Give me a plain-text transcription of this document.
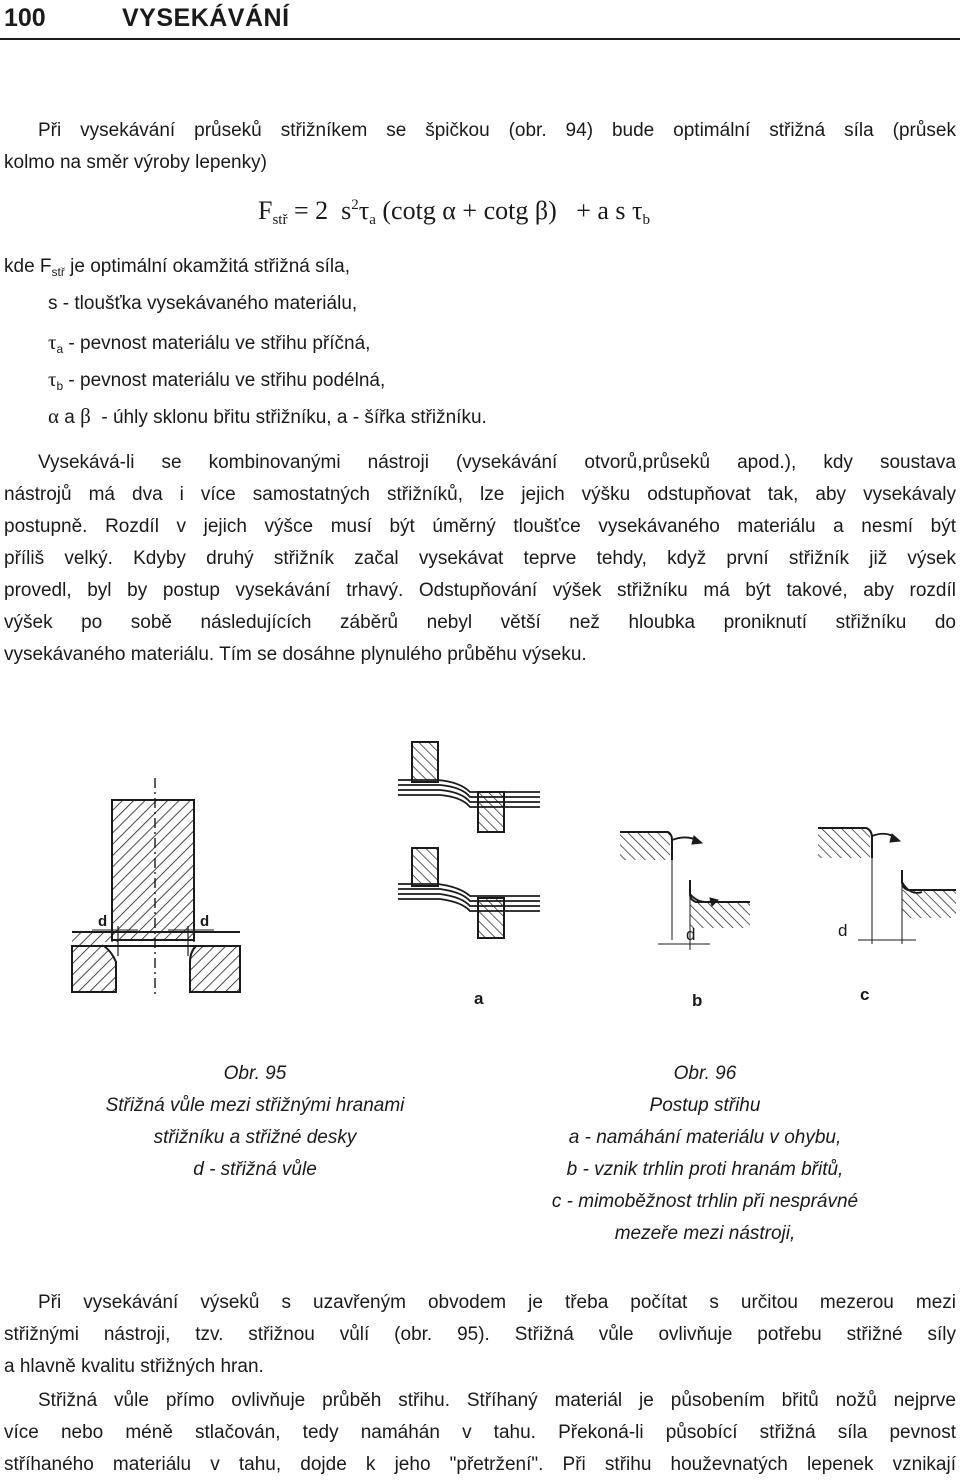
100	VYSEKÁVÁNÍ
Při vysekávání průseků střižníkem se špičkou (obr. 94) bude optimální střižná síla (průsek
kolmo na směr výroby lepenky)
$F_{stř} = 2$  $s^2\tau_a$ (cotg α + cotg β)   + a s $\tau_b$
kde $F_{stř}$ je optimální okamžitá střižná síla,
s - tloušťka vysekávaného materiálu,
$\tau_a$ - pevnost materiálu ve střihu příčná,
$\tau_b$ - pevnost materiálu ve střihu podélná,
α a β  - úhly sklonu břitu střižníku, a - šířka střižníku.
Vysekává-li se kombinovanými nástroji (vysekávání otvorů,průseků apod.), kdy soustava
nástrojů má dva i více samostatných střižníků, lze jejich výšku odstupňovat tak, aby vysekávaly
postupně. Rozdíl v jejich výšce musí být úměrný tloušťce vysekávaného materiálu a nesmí být
příliš velký. Kdyby druhý střižník začal vysekávat teprve tehdy, když první střižník již výsek
provedl, byl by postup vysekávání trhavý. Odstupňování výšek střižníku má být takové, aby rozdíl
výšek po sobě následujících záběrů nebyl větší než hloubka proniknutí střižníku do
vysekávaného materiálu. Tím se dosáhne plynulého průběhu výseku.
d	d
a
d
b
d
c
Obr. 95
Střižná vůle mezi střižnými hranami
střižníku a střižné desky
d - střižná vůle
Obr. 96
Postup střihu
a - namáhání materiálu v ohybu,
b - vznik trhlin proti hranám břitů,
c - mimoběžnost trhlin při nesprávné
mezeře mezi nástroji,
Při vysekávání výseků s uzavřeným obvodem je třeba počítat s určitou mezerou mezi
střižnými nástroji, tzv. střižnou vůlí (obr. 95). Střižná vůle ovlivňuje potřebu střižné síly
a hlavně kvalitu střižných hran.
Střižná vůle přímo ovlivňuje průběh střihu. Stříhaný materiál je působením břitů nožů nejprve
více nebo méně stlačován, tedy namáhán v tahu. Překoná-li působící střižná síla pevnost
stříhaného materiálu v tahu, dojde k jeho "přetržení". Při střihu houževnatých lepenek vznikají
